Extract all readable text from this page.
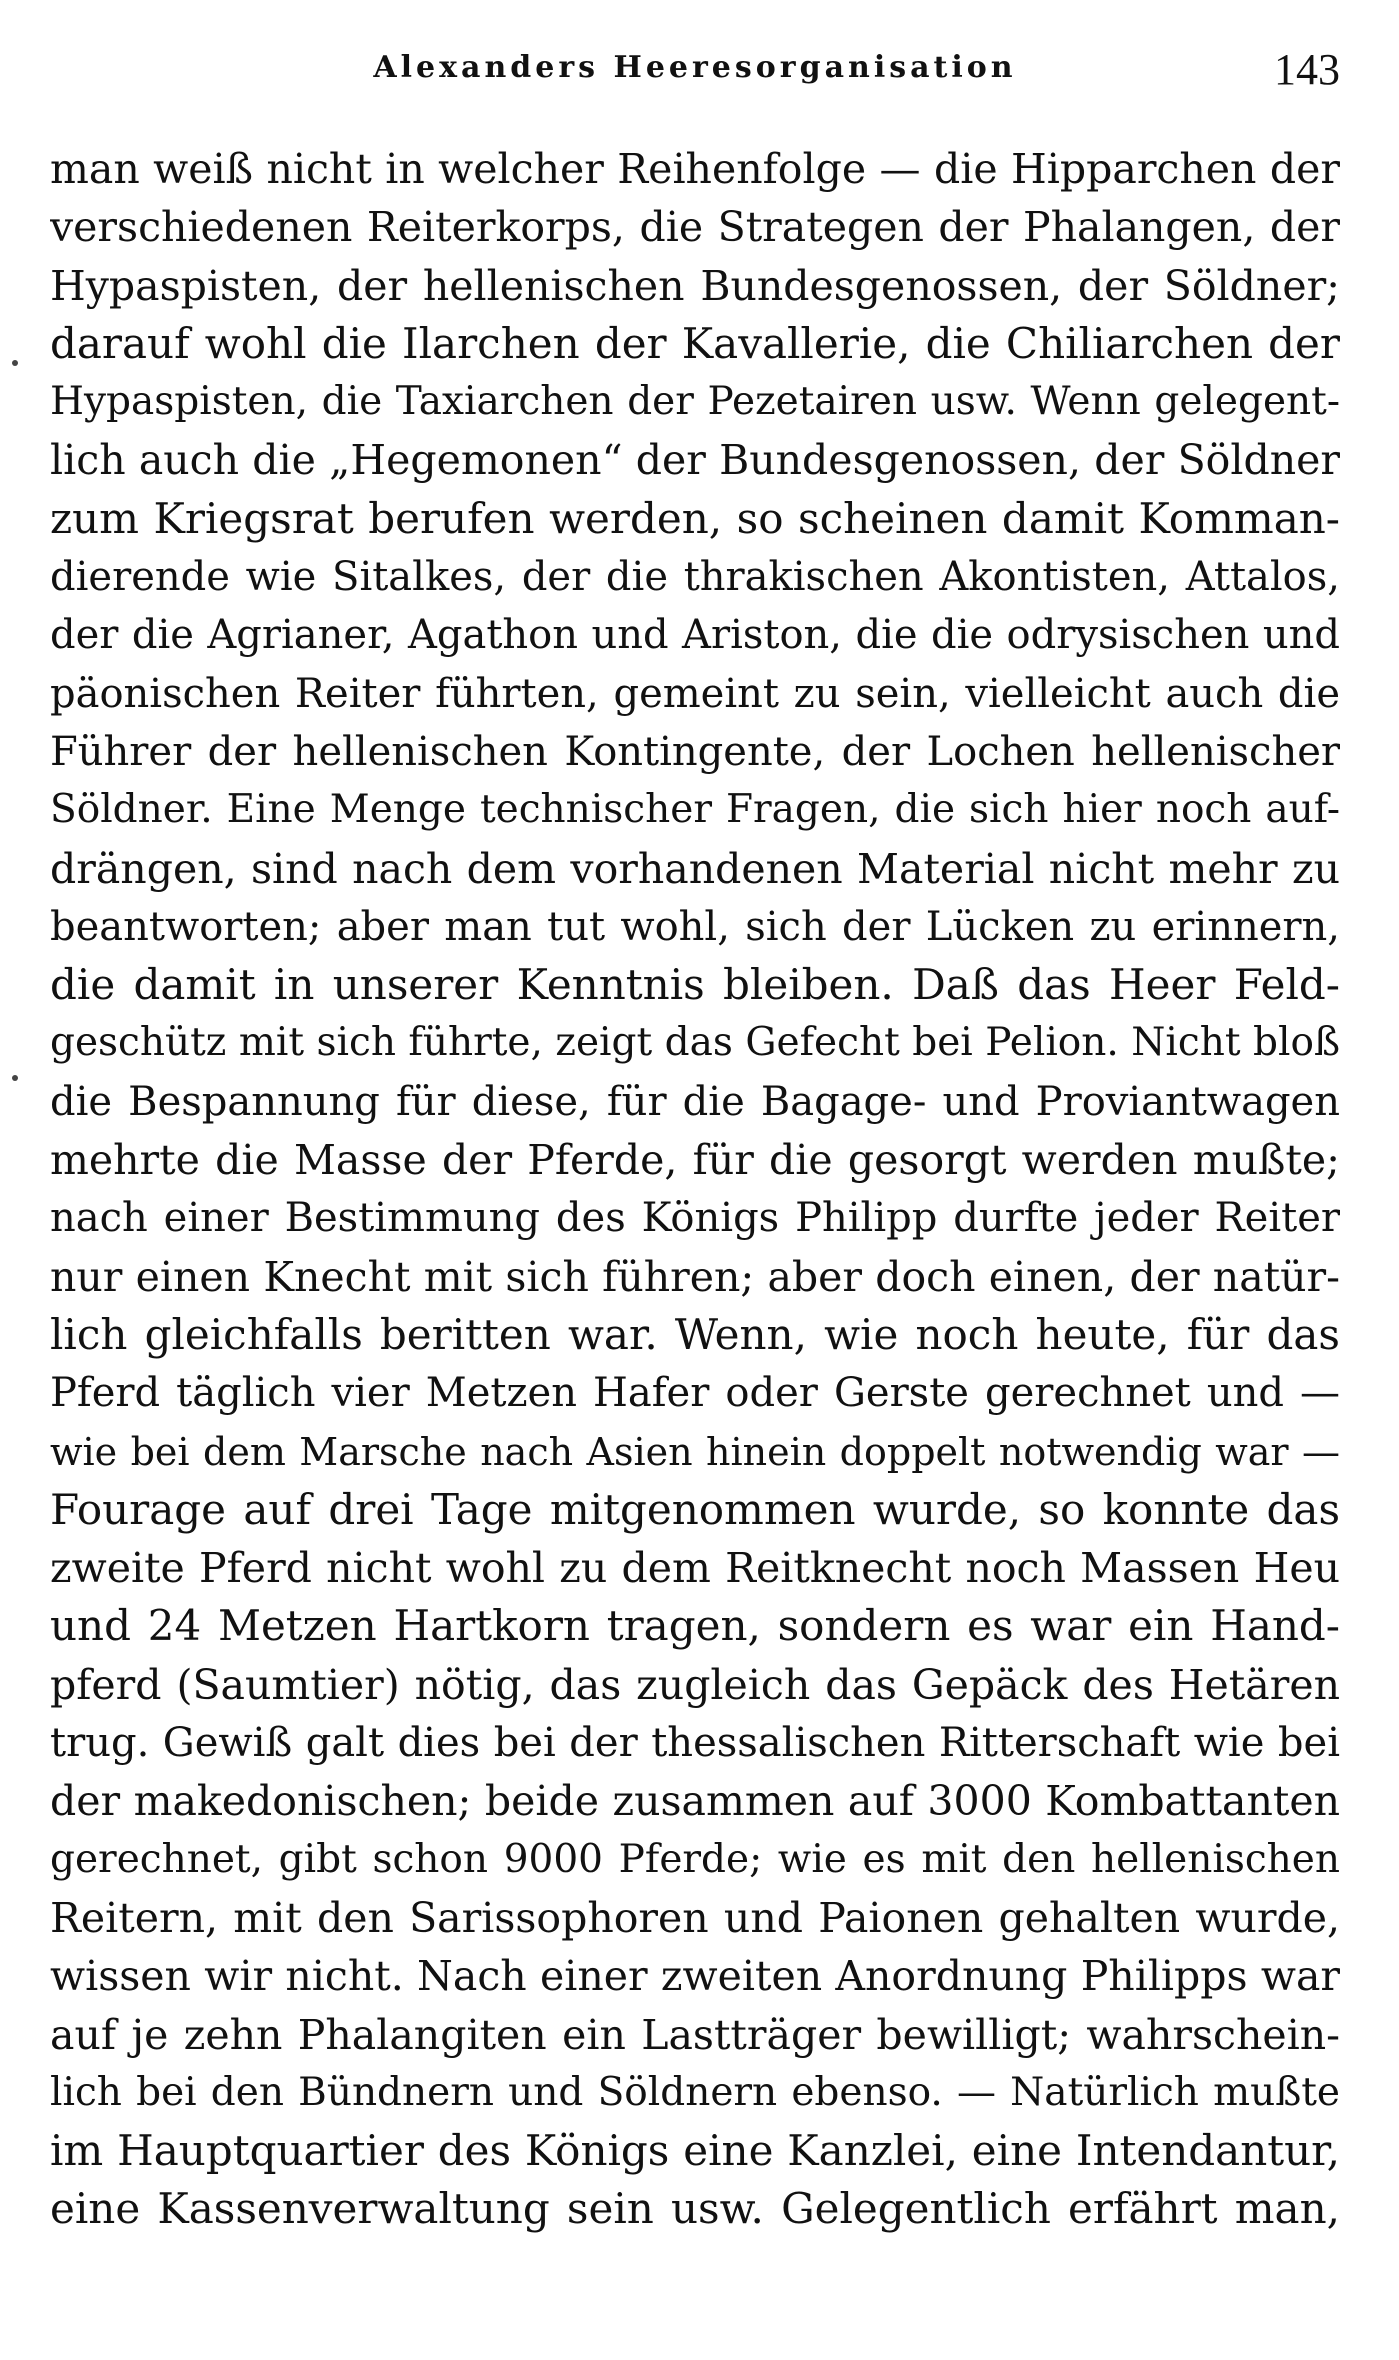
Alexanders Heeresorganisation	143
man weiß nicht in welcher Reihenfolge — die Hipparchen der
verschiedenen Reiterkorps, die Strategen der Phalangen, der
Hypaspisten, der hellenischen Bundesgenossen, der Söldner;
darauf wohl die Ilarchen der Kavallerie, die Chiliarchen der
Hypaspisten, die Taxiarchen der Pezetairen usw. Wenn gelegent-
lich auch die „Hegemonen“ der Bundesgenossen, der Söldner
zum Kriegsrat berufen werden, so scheinen damit Komman-
dierende wie Sitalkes, der die thrakischen Akontisten, Attalos,
der die Agrianer, Agathon und Ariston, die die odrysischen und
päonischen Reiter führten, gemeint zu sein, vielleicht auch die
Führer der hellenischen Kontingente, der Lochen hellenischer
Söldner. Eine Menge technischer Fragen, die sich hier noch auf-
drängen, sind nach dem vorhandenen Material nicht mehr zu
beantworten; aber man tut wohl, sich der Lücken zu erinnern,
die damit in unserer Kenntnis bleiben. Daß das Heer Feld-
geschütz mit sich führte, zeigt das Gefecht bei Pelion. Nicht bloß
die Bespannung für diese, für die Bagage- und Proviantwagen
mehrte die Masse der Pferde, für die gesorgt werden mußte;
nach einer Bestimmung des Königs Philipp durfte jeder Reiter
nur einen Knecht mit sich führen; aber doch einen, der natür-
lich gleichfalls beritten war. Wenn, wie noch heute, für das
Pferd täglich vier Metzen Hafer oder Gerste gerechnet und —
wie bei dem Marsche nach Asien hinein doppelt notwendig war —
Fourage auf drei Tage mitgenommen wurde, so konnte das
zweite Pferd nicht wohl zu dem Reitknecht noch Massen Heu
und 24 Metzen Hartkorn tragen, sondern es war ein Hand-
pferd (Saumtier) nötig, das zugleich das Gepäck des Hetären
trug. Gewiß galt dies bei der thessalischen Ritterschaft wie bei
der makedonischen; beide zusammen auf 3000 Kombattanten
gerechnet, gibt schon 9000 Pferde; wie es mit den hellenischen
Reitern, mit den Sarissophoren und Paionen gehalten wurde,
wissen wir nicht. Nach einer zweiten Anordnung Philipps war
auf je zehn Phalangiten ein Lastträger bewilligt; wahrschein-
lich bei den Bündnern und Söldnern ebenso. — Natürlich mußte
im Hauptquartier des Königs eine Kanzlei, eine Intendantur,
eine Kassenverwaltung sein usw. Gelegentlich erfährt man,
